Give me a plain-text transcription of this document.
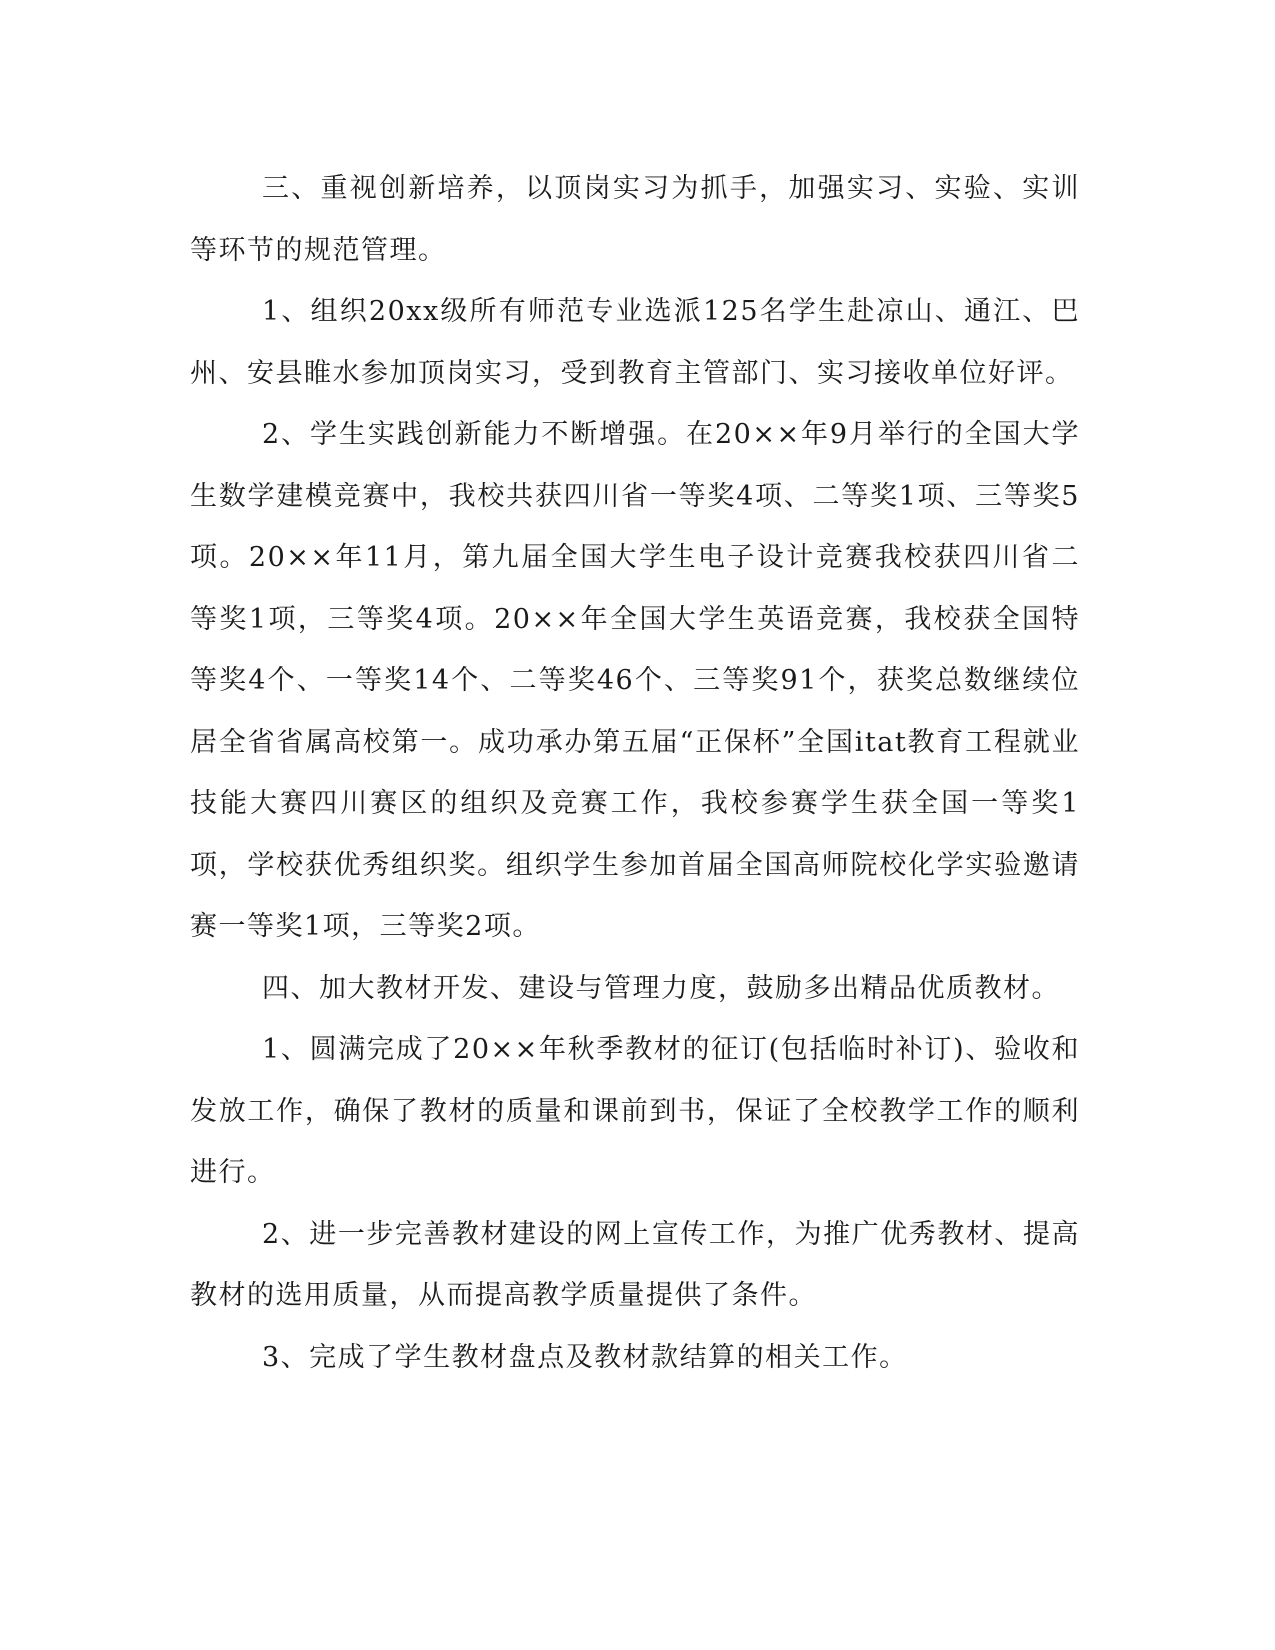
三、重视创新培养，以顶岗实习为抓手，加强实习、实验、实训等环节的规范管理。

1、组织20xx级所有师范专业选派125名学生赴凉山、通江、巴州、安县睢水参加顶岗实习，受到教育主管部门、实习接收单位好评。

2、学生实践创新能力不断增强。在20××年9月举行的全国大学生数学建模竞赛中，我校共获四川省一等奖4项、二等奖1项、三等奖5项。20××年11月，第九届全国大学生电子设计竞赛我校获四川省二等奖1项，三等奖4项。20××年全国大学生英语竞赛，我校获全国特等奖4个、一等奖14个、二等奖46个、三等奖91个，获奖总数继续位居全省省属高校第一。成功承办第五届“正保杯”全国itat教育工程就业技能大赛四川赛区的组织及竞赛工作，我校参赛学生获全国一等奖1项，学校获优秀组织奖。组织学生参加首届全国高师院校化学实验邀请赛一等奖1项，三等奖2项。

四、加大教材开发、建设与管理力度，鼓励多出精品优质教材。

1、圆满完成了20××年秋季教材的征订(包括临时补订)、验收和发放工作，确保了教材的质量和课前到书，保证了全校教学工作的顺利进行。

2、进一步完善教材建设的网上宣传工作，为推广优秀教材、提高教材的选用质量，从而提高教学质量提供了条件。

3、完成了学生教材盘点及教材款结算的相关工作。
